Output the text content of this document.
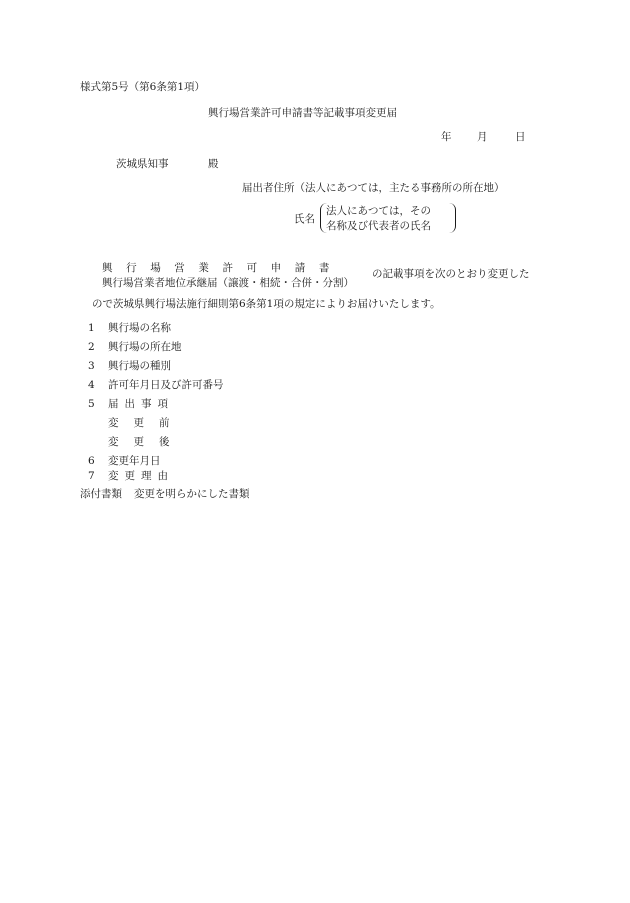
様式第5号（第6条第1項）
興行場営業許可申請書等記載事項変更届
年 月	日
茨城県知事	殿
届出者住所（法人にあつては，主たる事務所の所在地）
氏名
法人にあつては，その
名称及び代表者の氏名
興 行 場 営 業 許 可 申 請 書
興行場営業者地位承継届（譲渡・相続・合併・分割）
の記載事項を次のとおり変更した
ので茨城県興行場法施行細則第6条第1項の規定によりお届けいたします。
1 興行場の名称
2 興行場の所在地
3 興行場の種別
4 許可年月日及び許可番号
5 届 出 事 項
変 更 前
変 更 後
6 変更年月日
7 変 更 理 由
添付書類 変更を明らかにした書類
